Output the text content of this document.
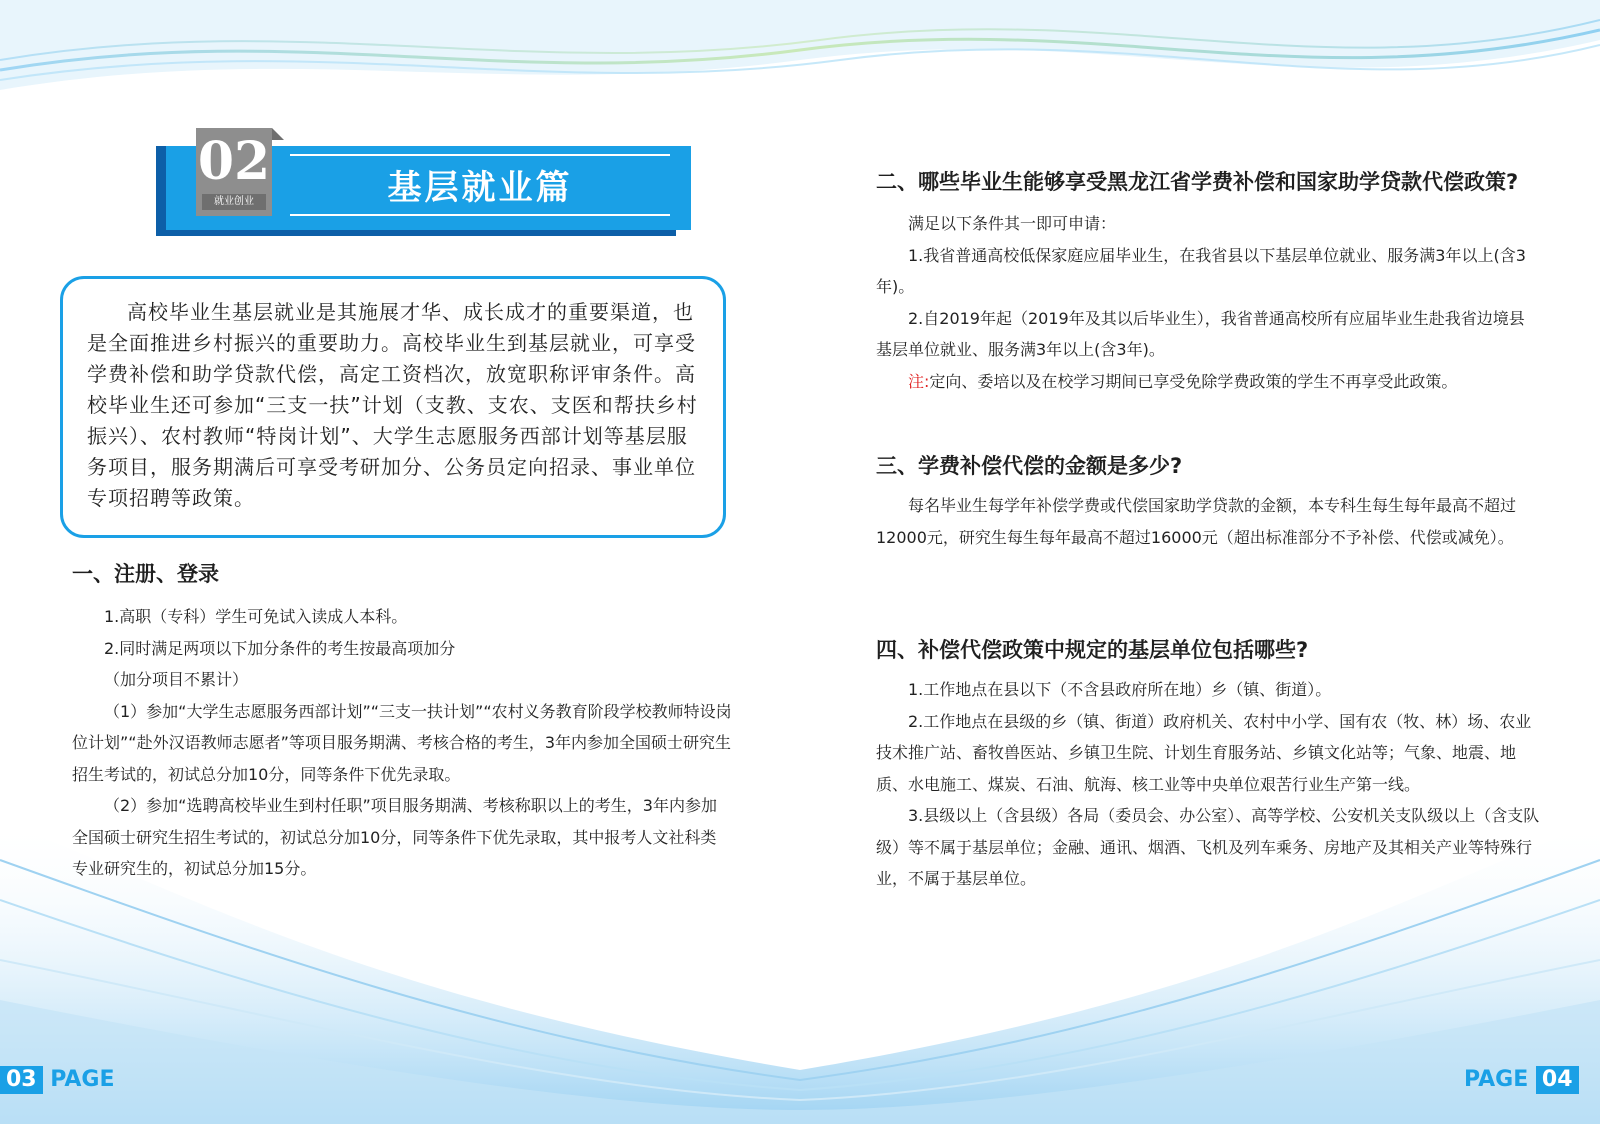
02
就业创业	基层就业篇
高校毕业生基层就业是其施展才华、成长成才的重要渠道，也是全面推进乡村振兴的重要助力。高校毕业生到基层就业，可享受学费补偿和助学贷款代偿，高定工资档次，放宽职称评审条件。高校毕业生还可参加“三支一扶”计划（支教、支农、支医和帮扶乡村振兴）、农村教师“特岗计划”、大学生志愿服务西部计划等基层服务项目，服务期满后可享受考研加分、公务员定向招录、事业单位专项招聘等政策。
一、注册、登录
1.高职（专科）学生可免试入读成人本科。
2.同时满足两项以下加分条件的考生按最高项加分
（加分项目不累计）
（1）参加“大学生志愿服务西部计划”“三支一扶计划”“农村义务教育阶段学校教师特设岗位计划”“赴外汉语教师志愿者”等项目服务期满、考核合格的考生，3年内参加全国硕士研究生招生考试的，初试总分加10分，同等条件下优先录取。
（2）参加“选聘高校毕业生到村任职”项目服务期满、考核称职以上的考生，3年内参加全国硕士研究生招生考试的，初试总分加10分，同等条件下优先录取，其中报考人文社科类专业研究生的，初试总分加15分。
二、哪些毕业生能够享受黑龙江省学费补偿和国家助学贷款代偿政策?
满足以下条件其一即可申请：
1.我省普通高校低保家庭应届毕业生，在我省县以下基层单位就业、服务满3年以上(含3年)。
2.自2019年起（2019年及其以后毕业生），我省普通高校所有应届毕业生赴我省边境县基层单位就业、服务满3年以上(含3年)。
注:定向、委培以及在校学习期间已享受免除学费政策的学生不再享受此政策。
三、学费补偿代偿的金额是多少?
每名毕业生每学年补偿学费或代偿国家助学贷款的金额，本专科生每生每年最高不超过12000元，研究生每生每年最高不超过16000元（超出标准部分不予补偿、代偿或减免）。
四、补偿代偿政策中规定的基层单位包括哪些?
1.工作地点在县以下（不含县政府所在地）乡（镇、街道）。
2.工作地点在县级的乡（镇、街道）政府机关、农村中小学、国有农（牧、林）场、农业技术推广站、畜牧兽医站、乡镇卫生院、计划生育服务站、乡镇文化站等；气象、地震、地质、水电施工、煤炭、石油、航海、核工业等中央单位艰苦行业生产第一线。
3.县级以上（含县级）各局（委员会、办公室）、高等学校、公安机关支队级以上（含支队级）等不属于基层单位；金融、通讯、烟酒、飞机及列车乘务、房地产及其相关产业等特殊行业，不属于基层单位。
03 PAGE	PAGE 04
